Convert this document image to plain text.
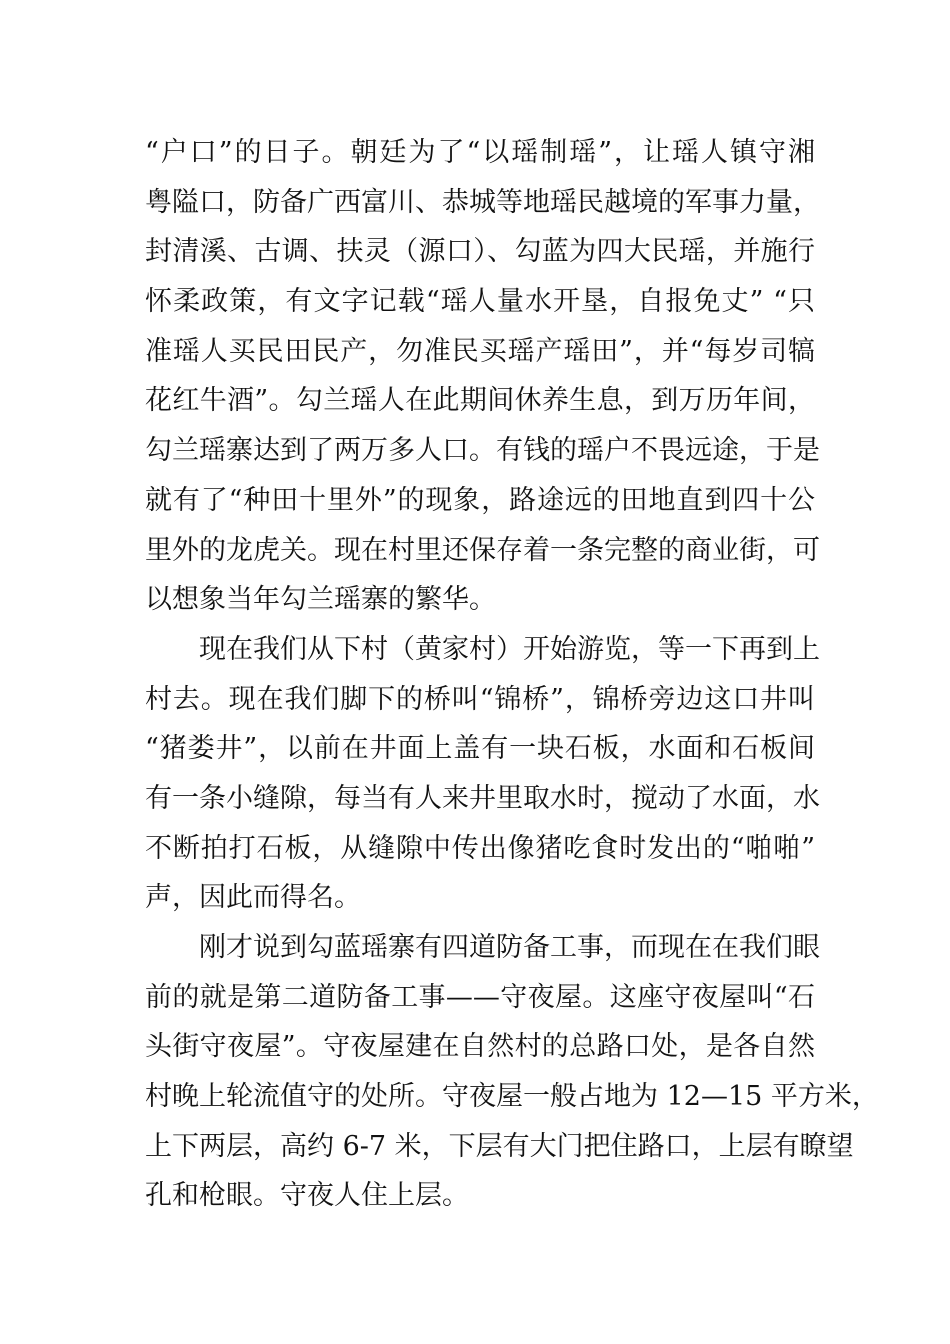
“户口”的日子。朝廷为了“以瑶制瑶”，让瑶人镇守湘
粤隘口，防备广西富川、恭城等地瑶民越境的军事力量，
封清溪、古调、扶灵（源口）、勾蓝为四大民瑶，并施行
怀柔政策，有文字记载“瑶人量水开垦，自报免丈” “只
准瑶人买民田民产，勿准民买瑶产瑶田”，并“每岁司犒
花红牛酒”。勾兰瑶人在此期间休养生息，到万历年间，
勾兰瑶寨达到了两万多人口。有钱的瑶户不畏远途，于是
就有了“种田十里外”的现象，路途远的田地直到四十公
里外的龙虎关。现在村里还保存着一条完整的商业街，可
以想象当年勾兰瑶寨的繁华。
现在我们从下村（黄家村）开始游览，等一下再到上
村去。现在我们脚下的桥叫“锦桥”，锦桥旁边这口井叫
“猪娄井”，以前在井面上盖有一块石板，水面和石板间
有一条小缝隙，每当有人来井里取水时，搅动了水面，水
不断拍打石板，从缝隙中传出像猪吃食时发出的“啪啪”
声，因此而得名。
刚才说到勾蓝瑶寨有四道防备工事，而现在在我们眼
前的就是第二道防备工事——守夜屋。这座守夜屋叫“石
头街守夜屋”。守夜屋建在自然村的总路口处，是各自然
村晚上轮流值守的处所。守夜屋一般占地为 12—15 平方米，
上下两层，高约 6-7 米，下层有大门把住路口，上层有瞭望
孔和枪眼。守夜人住上层。
